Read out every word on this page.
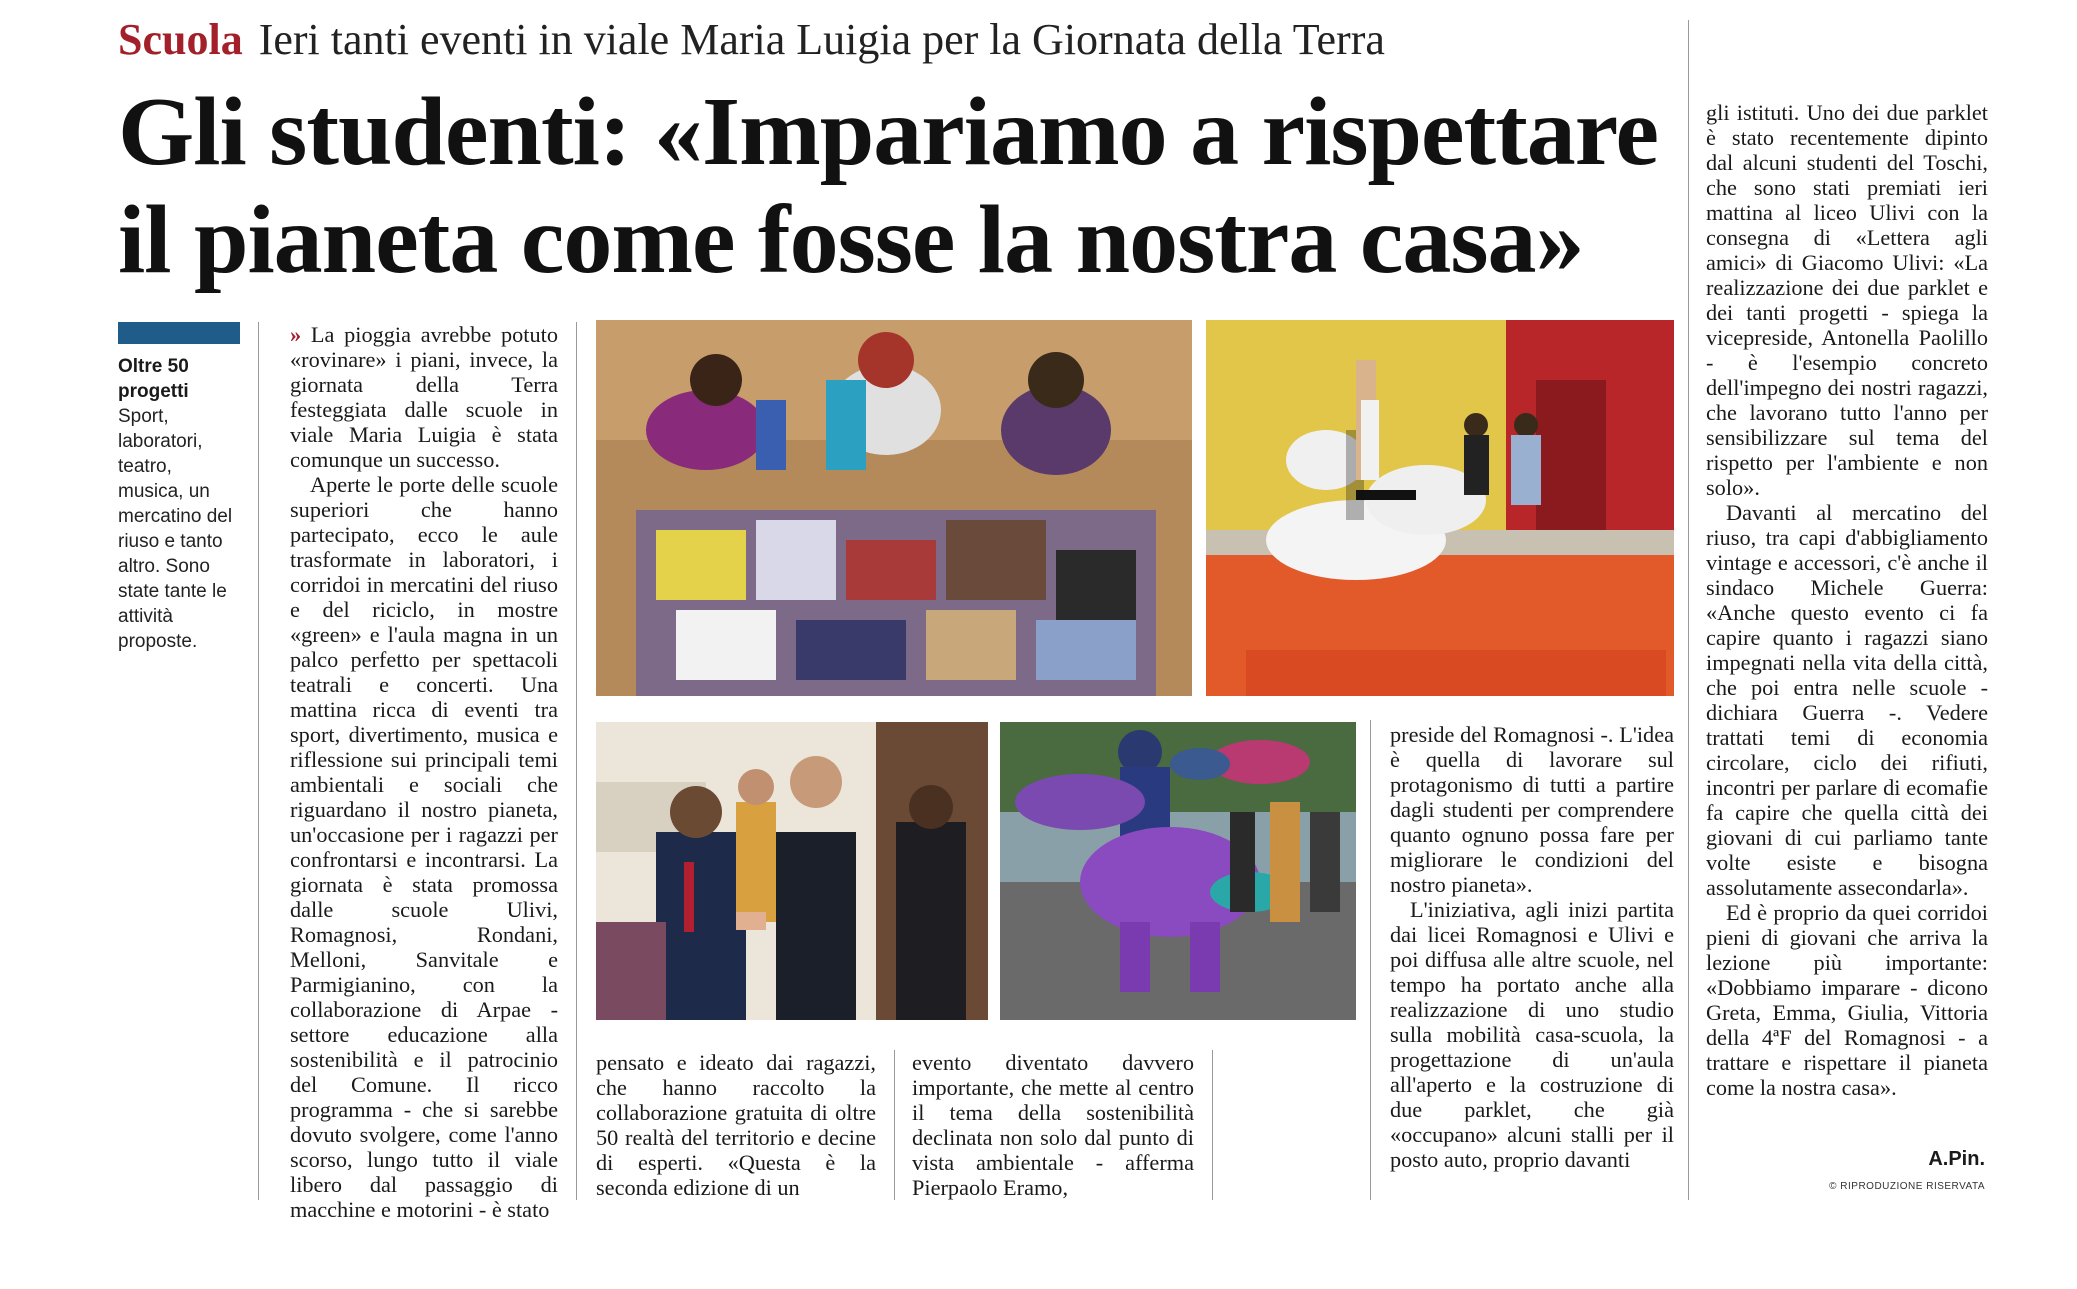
Scuola Ieri tanti eventi in viale Maria Luigia per la Giornata della Terra
Gli studenti: «Impariamo a rispettare
il pianeta come fosse la nostra casa»
Oltre 50 progetti
Sport, laboratori, teatro, musica, un mercatino del riuso e tanto altro. Sono state tante le attività proposte.

» La pioggia avrebbe potuto «rovinare» i piani, invece, la giornata della Terra festeggiata dalle scuole in viale Maria Luigia è stata comunque un successo.

Aperte le porte delle scuole superiori che hanno partecipato, ecco le aule trasformate in laboratori, i corridoi in mercatini del riuso e del riciclo, in mostre «green» e l'aula magna in un palco perfetto per spettacoli teatrali e concerti. Una mattina ricca di eventi tra sport, divertimento, musica e riflessione sui principali temi ambientali e sociali che riguardano il nostro pianeta, un'occasione per i ragazzi per confrontarsi e incontrarsi. La giornata è stata promossa dalle scuole Ulivi, Romagnosi, Rondani, Melloni, Sanvitale e Parmigianino, con la collaborazione di Arpae - settore educazione alla sostenibilità e il patrocinio del Comune. Il ricco programma - che si sarebbe dovuto svolgere, come l'anno scorso, lungo tutto il viale libero dal passaggio di macchine e motorini - è stato

pensato e ideato dai ragazzi, che hanno raccolto la collaborazione gratuita di oltre 50 realtà del territorio e decine di esperti. «Questa è la seconda edizione di un

evento diventato davvero importante, che mette al centro il tema della sostenibilità declinata non solo dal punto di vista ambientale - afferma Pierpaolo Eramo,

preside del Romagnosi -. L'idea è quella di lavorare sul protagonismo di tutti a partire dagli studenti per comprendere quanto ognuno possa fare per migliorare le condizioni del nostro pianeta».

L'iniziativa, agli inizi partita dai licei Romagnosi e Ulivi e poi diffusa alle altre scuole, nel tempo ha portato anche alla realizzazione di uno studio sulla mobilità casa-scuola, la progettazione di un'aula all'aperto e la costruzione di due parklet, che già «occupano» alcuni stalli per il posto auto, proprio davanti

gli istituti. Uno dei due parklet è stato recentemente dipinto dal alcuni studenti del Toschi, che sono stati premiati ieri mattina al liceo Ulivi con la consegna di «Lettera agli amici» di Giacomo Ulivi: «La realizzazione dei due parklet e dei tanti progetti - spiega la vicepreside, Antonella Paolillo - è l'esempio concreto dell'impegno dei nostri ragazzi, che lavorano tutto l'anno per sensibilizzare sul tema del rispetto per l'ambiente e non solo».

Davanti al mercatino del riuso, tra capi d'abbigliamento vintage e accessori, c'è anche il sindaco Michele Guerra: «Anche questo evento ci fa capire quanto i ragazzi siano impegnati nella vita della città, che poi entra nelle scuole - dichiara Guerra -. Vedere trattati temi di economia circolare, ciclo dei rifiuti, incontri per parlare di ecomafie fa capire che quella città dei giovani di cui parliamo tante volte esiste e bisogna assolutamente assecondarla».

Ed è proprio da quei corridoi pieni di giovani che arriva la lezione più importante: «Dobbiamo imparare - dicono Greta, Emma, Giulia, Vittoria della 4ªF del Romagnosi - a trattare e rispettare il pianeta come la nostra casa».

A.Pin.
© RIPRODUZIONE RISERVATA
